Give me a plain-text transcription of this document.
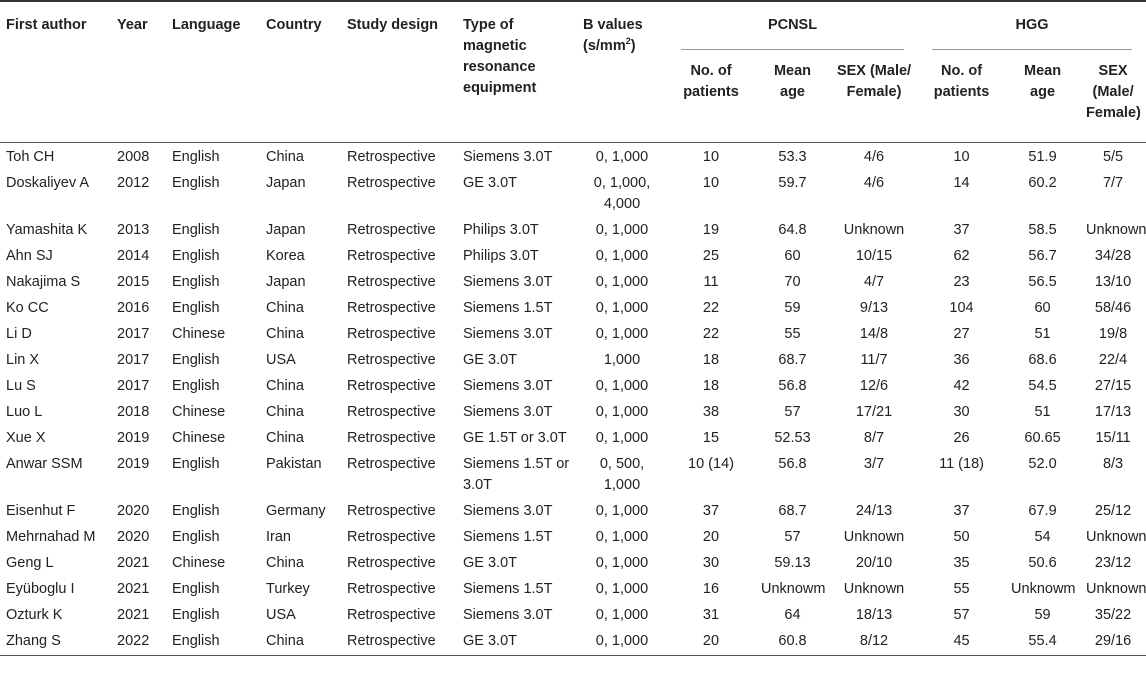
First author	Year	Language	Country	Study design	Type of magnetic resonance equipment	B values $(s/mm^2)$	PCNSL			HGG		

							No. of patients	Mean age	SEX (Male/ Female)	No. of patients	Mean age	SEX (Male/ Female)
Toh CH	2008	English	China	Retrospective	Siemens 3.0T	0, 1,000	10	53.3	4/6	10	51.9	5/5
Doskaliyev A	2012	English	Japan	Retrospective	GE 3.0T	0, 1,000, 4,000	10	59.7	4/6	14	60.2	7/7
Yamashita K	2013	English	Japan	Retrospective	Philips 3.0T	0, 1,000	19	64.8	Unknown	37	58.5	Unknown
Ahn SJ	2014	English	Korea	Retrospective	Philips 3.0T	0, 1,000	25	60	10/15	62	56.7	34/28
Nakajima S	2015	English	Japan	Retrospective	Siemens 3.0T	0, 1,000	11	70	4/7	23	56.5	13/10
Ko CC	2016	English	China	Retrospective	Siemens 1.5T	0, 1,000	22	59	9/13	104	60	58/46
Li D	2017	Chinese	China	Retrospective	Siemens 3.0T	0, 1,000	22	55	14/8	27	51	19/8
Lin X	2017	English	USA	Retrospective	GE 3.0T	1,000	18	68.7	11/7	36	68.6	22/4
Lu S	2017	English	China	Retrospective	Siemens 3.0T	0, 1,000	18	56.8	12/6	42	54.5	27/15
Luo L	2018	Chinese	China	Retrospective	Siemens 3.0T	0, 1,000	38	57	17/21	30	51	17/13
Xue X	2019	Chinese	China	Retrospective	GE 1.5T or 3.0T	0, 1,000	15	52.53	8/7	26	60.65	15/11
Anwar SSM	2019	English	Pakistan	Retrospective	Siemens 1.5T or 3.0T	0, 500, 1,000	10 (14)	56.8	3/7	11 (18)	52.0	8/3
Eisenhut F	2020	English	Germany	Retrospective	Siemens 3.0T	0, 1,000	37	68.7	24/13	37	67.9	25/12
Mehrnahad M	2020	English	Iran	Retrospective	Siemens 1.5T	0, 1,000	20	57	Unknown	50	54	Unknown
Geng L	2021	Chinese	China	Retrospective	GE 3.0T	0, 1,000	30	59.13	20/10	35	50.6	23/12
Eyüboglu I	2021	English	Turkey	Retrospective	Siemens 1.5T	0, 1,000	16	Unknowm	Unknown	55	Unknowm	Unknown
Ozturk K	2021	English	USA	Retrospective	Siemens 3.0T	0, 1,000	31	64	18/13	57	59	35/22
Zhang S	2022	English	China	Retrospective	GE 3.0T	0, 1,000	20	60.8	8/12	45	55.4	29/16
